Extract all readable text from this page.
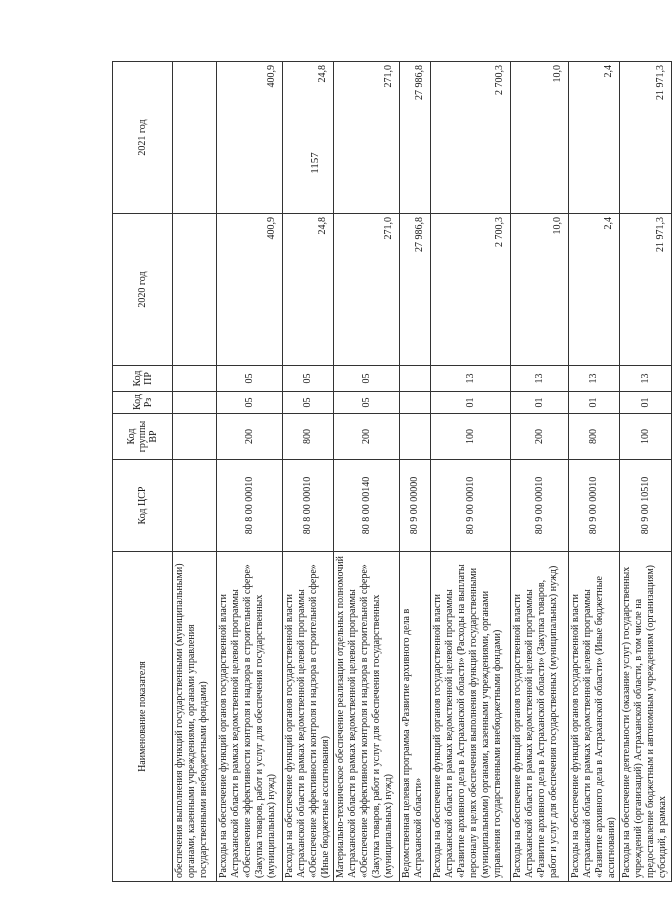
1157
Наименование показателя	Код ЦСР	Код группы ВР	Код Рз	Код ПР	2020 год	2021 год
обеспечения выполнения функций государственными (муниципальными) органами, казенными учреждениями, органами управления государственными внебюджетными фондами)						
Расходы на обеспечение функций органов государственной власти Астраханской области в рамках ведомственной целевой программы «Обеспечение эффективности контроля и надзора в строительной сфере» (Закупка товаров, работ и услуг для обеспечения государственных (муниципальных) нужд)	80 8 00 00010	200	05	05	400,9	400,9
Расходы на обеспечение функций органов государственной власти Астраханской области в рамках ведомственной целевой программы «Обеспечение эффективности контроля и надзора в строительной сфере» (Иные бюджетные ассигнования)	80 8 00 00010	800	05	05	24,8	24,8
Материально-техническое обеспечение реализации отдельных полномочий Астраханской области в рамках ведомственной целевой программы «Обеспечение эффективности контроля и надзора в строительной сфере» (Закупка товаров, работ и услуг для обеспечения государственных (муниципальных) нужд)	80 8 00 00140	200	05	05	271,0	271,0
Ведомственная целевая программа «Развитие архивного дела в Астраханской области»	80 9 00 00000				27 986,8	27 986,8
Расходы на обеспечение функций органов государственной власти Астраханской области в рамках ведомственной целевой программы «Развитие архивного дела в Астраханской области» (Расходы на выплаты персоналу в целях обеспечения выполнения функций государственными (муниципальными) органами, казенными учреждениями, органами управления государственными внебюджетными фондами)	80 9 00 00010	100	01	13	2 700,3	2 700,3
Расходы на обеспечение функций органов государственной власти Астраханской области в рамках ведомственной целевой программы «Развитие архивного дела в Астраханской области» (Закупка товаров, работ и услуг для обеспечения государственных (муниципальных) нужд)	80 9 00 00010	200	01	13	10,0	10,0
Расходы на обеспечение функций органов государственной власти Астраханской области в рамках ведомственной целевой программы «Развитие архивного дела в Астраханской области» (Иные бюджетные ассигнования)	80 9 00 00010	800	01	13	2,4	2,4
Расходы на обеспечение деятельности (оказание услуг) государственных учреждений (организаций) Астраханской области, в том числе на предоставление бюджетным и автономным учреждениям (организациям) субсидий, в рамках	80 9 00 10510	100	01	13	21 971,3	21 971,3
